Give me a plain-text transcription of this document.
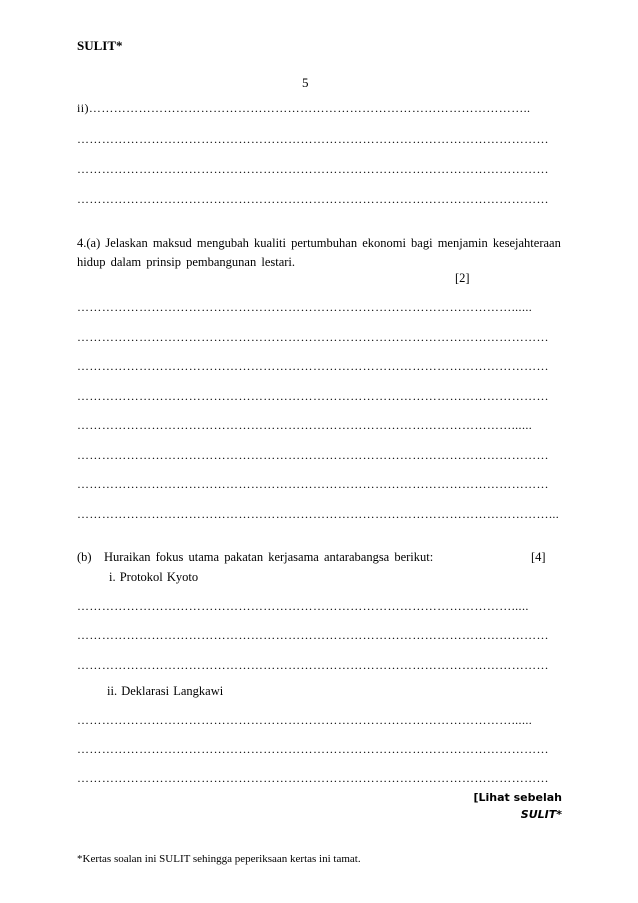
SULIT*
5
ii)……………………………………………………………………………………………..
……………………………………………………………………………………………………
……………………………………………………………………………………………………
……………………………………………………………………………………………………
4.(a) Jelaskan maksud mengubah kualiti pertumbuhan ekonomi bagi menjamin kesejahteraan
hidup dalam prinsip pembangunan lestari.
[2]
……………………………………………………………………………………………......
……………………………………………………………………………………………………
……………………………………………………………………………………………………
……………………………………………………………………………………………………
……………………………………………………………………………………………......
……………………………………………………………………………………………………
……………………………………………………………………………………………………
……………………………………………………………………………………………………...
(b) Huraikan fokus utama pakatan kerjasama antarabangsa berikut:	[4]
i. Protokol Kyoto
…………………………………………………………………………………………….....
……………………………………………………………………………………………………
……………………………………………………………………………………………………
ii. Deklarasi Langkawi
……………………………………………………………………………………………......
……………………………………………………………………………………………………
……………………………………………………………………………………………………
[Lihat sebelah
SULIT*
*Kertas soalan ini SULIT sehingga peperiksaan kertas ini tamat.
